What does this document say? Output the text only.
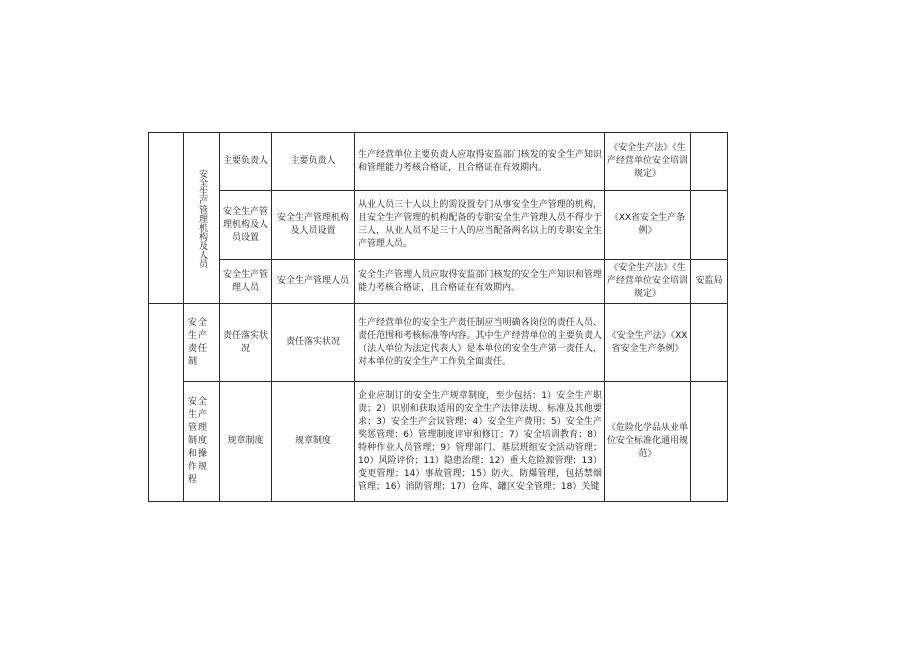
	安全生产管理机构及人员	主要负责人	主要负责人	生产经营单位主要负责人应取得安监部门核发的安全生产知识和管理能力考核合格证，且合格证在有效期内。	《安全生产法》《生产经营单位安全培训规定》	
		安全生产管理机构及人员设置	安全生产管理机构及人员设置	从业人员三十人以上的需设置专门从事安全生产管理的机构，且安全生产管理的机构配备的专职安全生产管理人员不得少于三人，从业人员不足三十人的应当配备两名以上的专职安全生产管理人员。	《XX省安全生产条例》	
		安全生产管理人员	安全生产管理人员	安全生产管理人员应取得安监部门核发的安全生产知识和管理能力考核合格证，且合格证在有效期内。	《安全生产法》《生产经营单位安全培训规定》	安监局
	安全生产责任制	责任落实状况	责任落实状况	生产经营单位的安全生产责任制应当明确各岗位的责任人员、责任范围和考核标准等内容。其中生产经营单位的主要负责人（法人单位为法定代表人）是本单位的安全生产第一责任人，对本单位的安全生产工作负全面责任。	《安全生产法》《XX省安全生产条例》	
	安全生产管理制度和操作规程	规章制度	规章制度	企业应制订的安全生产规章制度，至少包括：1）安全生产职责；2）识别和获取适用的安全生产法律法规、标准及其他要求；3）安全生产会议管理；4）安全生产费用；5）安全生产奖惩管理；6）管理制度评审和修订；7）安全培训教育；8）特种作业人员管理；9）管理部门、基层班组安全活动管理；10）风险评价；11）隐患治理；12）重大危险源管理；13）变更管理；14）事故管理；15）防火、防爆管理，包括禁烟管理；16）消防管理；17）仓库、罐区安全管理；18）关键	《危险化学品从业单位安全标准化通用规范》	
